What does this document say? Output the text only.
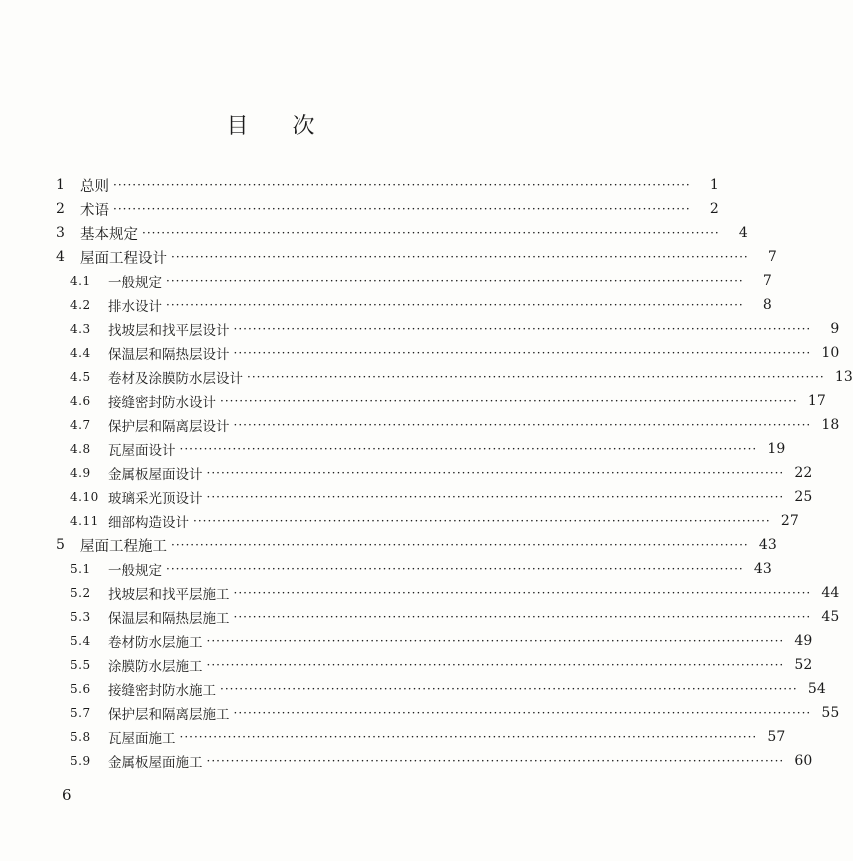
目 次
1	总则 ························································································································	1
2	术语 ························································································································	2
3	基本规定 ························································································································	4
4	屋面工程设计 ························································································································	7
4.1	一般规定 ························································································································	7
4.2	排水设计 ························································································································	8
4.3	找坡层和找平层设计 ························································································································	9
4.4	保温层和隔热层设计 ························································································································ 10
4.5	卷材及涂膜防水层设计 ························································································································ 13
4.6	接缝密封防水设计 ························································································································ 17
4.7	保护层和隔离层设计 ························································································································ 18
4.8	瓦屋面设计 ························································································································ 19
4.9	金属板屋面设计 ························································································································ 22
4.10 玻璃采光顶设计 ························································································································ 25
4.11 细部构造设计 ························································································································ 27
5	屋面工程施工 ························································································································ 43
5.1	一般规定 ························································································································ 43
5.2	找坡层和找平层施工 ························································································································ 44
5.3	保温层和隔热层施工 ························································································································ 45
5.4	卷材防水层施工 ························································································································ 49
5.5	涂膜防水层施工 ························································································································ 52
5.6	接缝密封防水施工 ························································································································ 54
5.7	保护层和隔离层施工 ························································································································ 55
5.8	瓦屋面施工 ························································································································ 57
5.9	金属板屋面施工 ························································································································ 60
6
